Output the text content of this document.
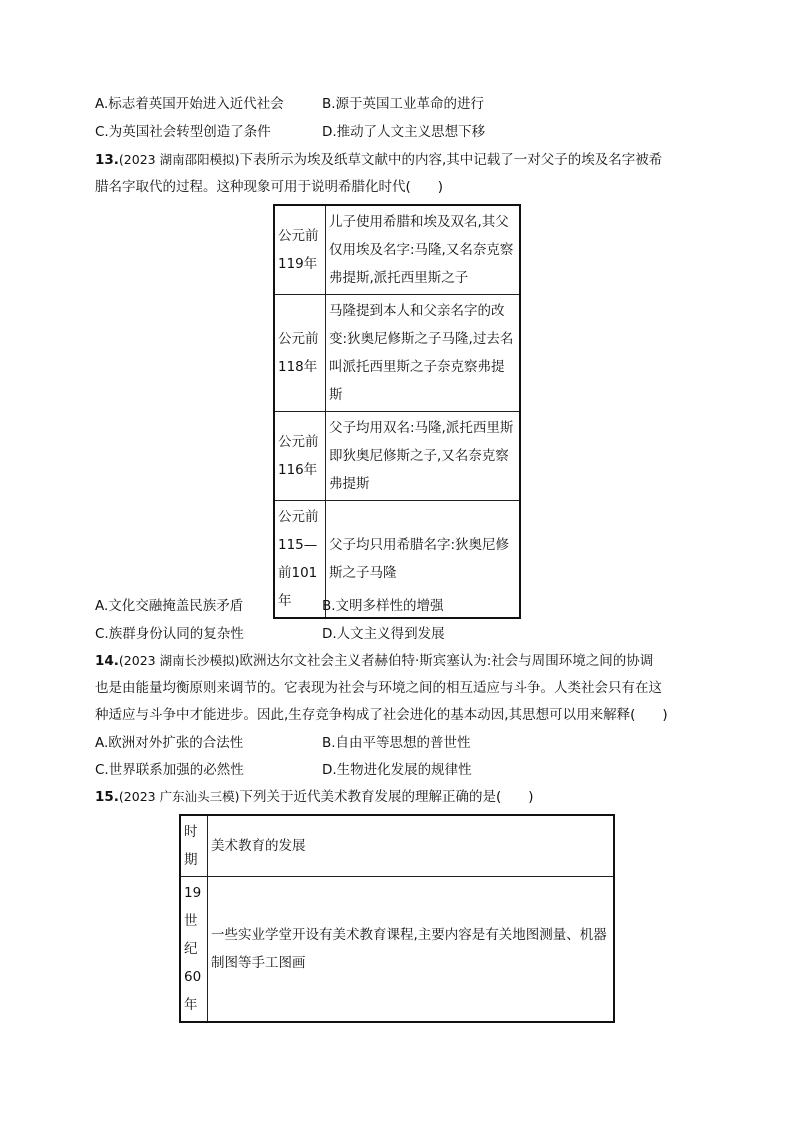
A.标志着英国开始进入近代社会	B.源于英国工业革命的进行
C.为英国社会转型创造了条件	D.推动了人文主义思想下移
13.(2023 湖南邵阳模拟)下表所示为埃及纸草文献中的内容,其中记载了一对父子的埃及名字被希
腊名字取代的过程。这种现象可用于说明希腊化时代(　　)
公元前119年	儿子使用希腊和埃及双名,其父仅用埃及名字:马隆,又名奈克察弗提斯,派托西里斯之子
公元前118年	马隆提到本人和父亲名字的改变:狄奥尼修斯之子马隆,过去名叫派托西里斯之子奈克察弗提斯
公元前116年	父子均用双名:马隆,派托西里斯即狄奥尼修斯之子,又名奈克察弗提斯
公元前115—前101年	父子均只用希腊名字:狄奥尼修斯之子马隆
A.文化交融掩盖民族矛盾	B.文明多样性的增强
C.族群身份认同的复杂性	D.人文主义得到发展
14.(2023 湖南长沙模拟)欧洲达尔文社会主义者赫伯特·斯宾塞认为:社会与周围环境之间的协调
也是由能量均衡原则来调节的。它表现为社会与环境之间的相互适应与斗争。人类社会只有在这
种适应与斗争中才能进步。因此,生存竞争构成了社会进化的基本动因,其思想可以用来解释(　　)
A.欧洲对外扩张的合法性	B.自由平等思想的普世性
C.世界联系加强的必然性	D.生物进化发展的规律性
15.(2023 广东汕头三模)下列关于近代美术教育发展的理解正确的是(　　)
时期	美术教育的发展
19世纪60年	一些实业学堂开设有美术教育课程,主要内容是有关地图测量、机器制图等手工图画
